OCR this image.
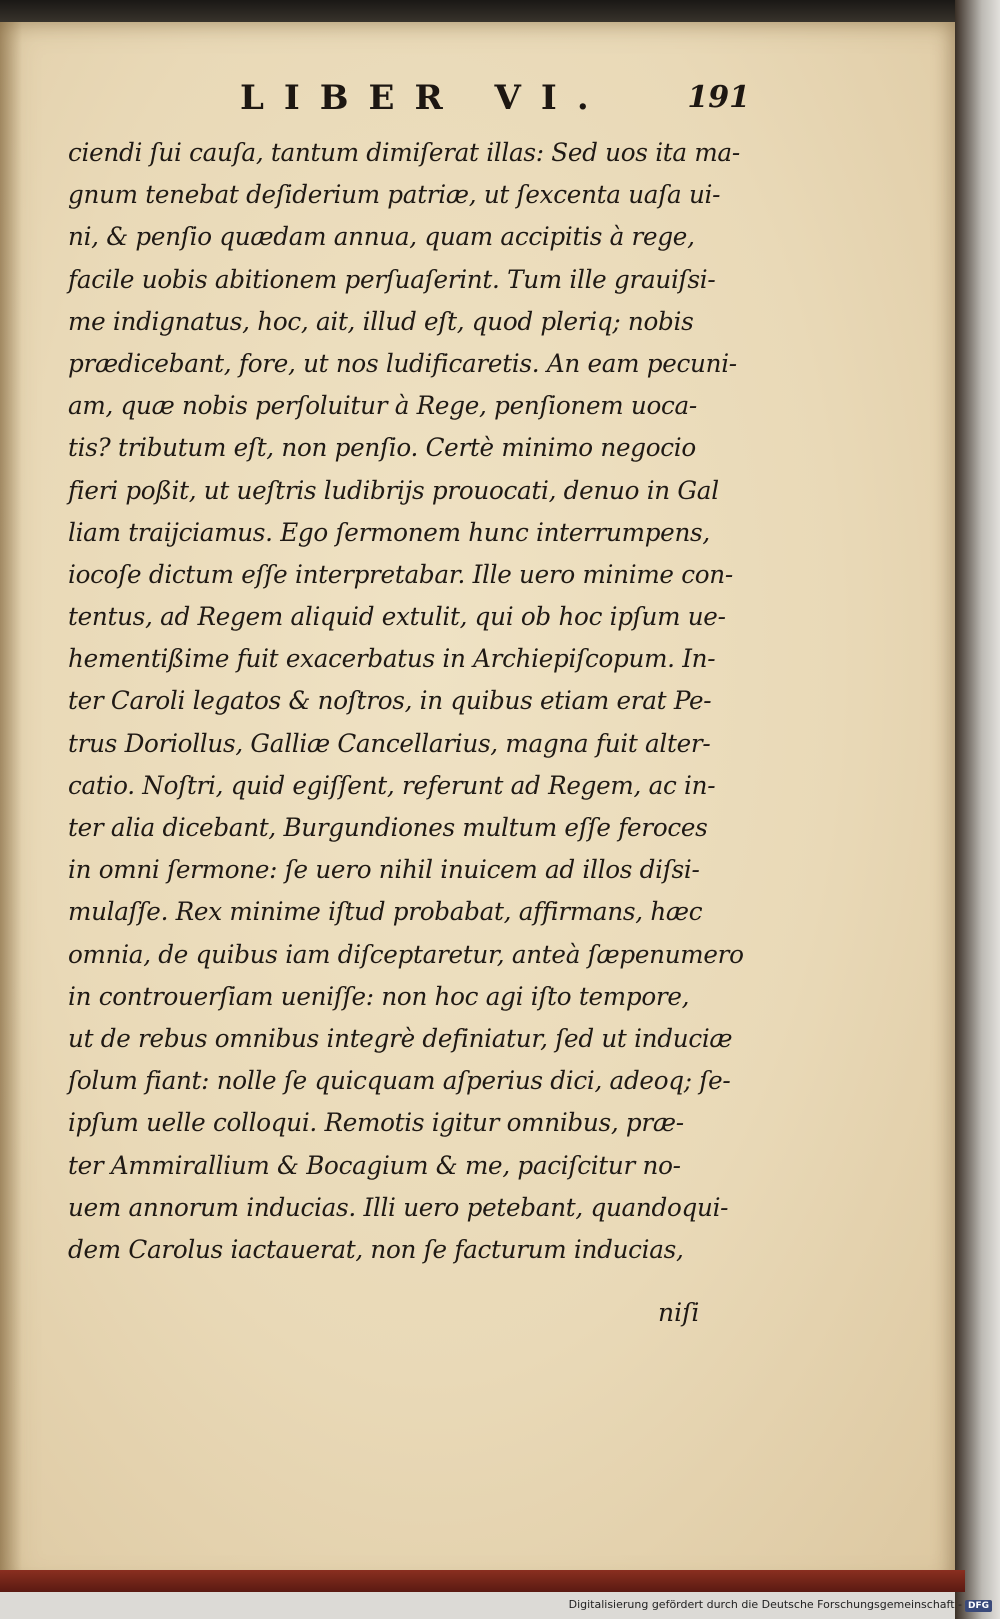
LIBER VI.	191
ciendi ſui cauſa, tantum dimiſerat illas: Sed uos ita ma-
gnum tenebat deſiderium patriæ, ut ſexcenta uaſa ui-
ni, & penſio quædam annua, quam accipitis à rege,
facile uobis abitionem perſuaſerint. Tum ille grauiſsi-
me indignatus, hoc, ait, illud eſt, quod pleriq; nobis
prædicebant, fore, ut nos ludificaretis. An eam pecuni-
am, quæ nobis perſoluitur à Rege, penſionem uoca-
tis? tributum eſt, non penſio. Certè minimo negocio
fieri poßit, ut ueſtris ludibrijs prouocati, denuo in Gal
liam traijciamus. Ego ſermonem hunc interrumpens,
iocoſe dictum eſſe interpretabar. Ille uero minime con-
tentus, ad Regem aliquid extulit, qui ob hoc ipſum ue-
hementißime fuit exacerbatus in Archiepiſcopum. In-
ter Caroli legatos & noſtros, in quibus etiam erat Pe-
trus Doriollus, Galliæ Cancellarius, magna fuit alter-
catio. Noſtri, quid egiſſent, referunt ad Regem, ac in-
ter alia dicebant, Burgundiones multum eſſe feroces
in omni ſermone: ſe uero nihil inuicem ad illos diſsi-
mulaſſe. Rex minime iſtud probabat, affirmans, hæc
omnia, de quibus iam diſceptaretur, anteà ſæpenumero
in controuerſiam ueniſſe: non hoc agi iſto tempore,
ut de rebus omnibus integrè definiatur, ſed ut induciæ
ſolum fiant: nolle ſe quicquam aſperius dici, adeoq; ſe-
ipſum uelle colloqui. Remotis igitur omnibus, præ-
ter Ammirallium & Bocagium & me, paciſcitur no-
uem annorum inducias. Illi uero petebant, quandoqui-
dem Carolus iactauerat, non ſe facturum inducias,
niſi
Digitalisierung gefördert durch die Deutsche Forschungsgemeinschaft - DFG
